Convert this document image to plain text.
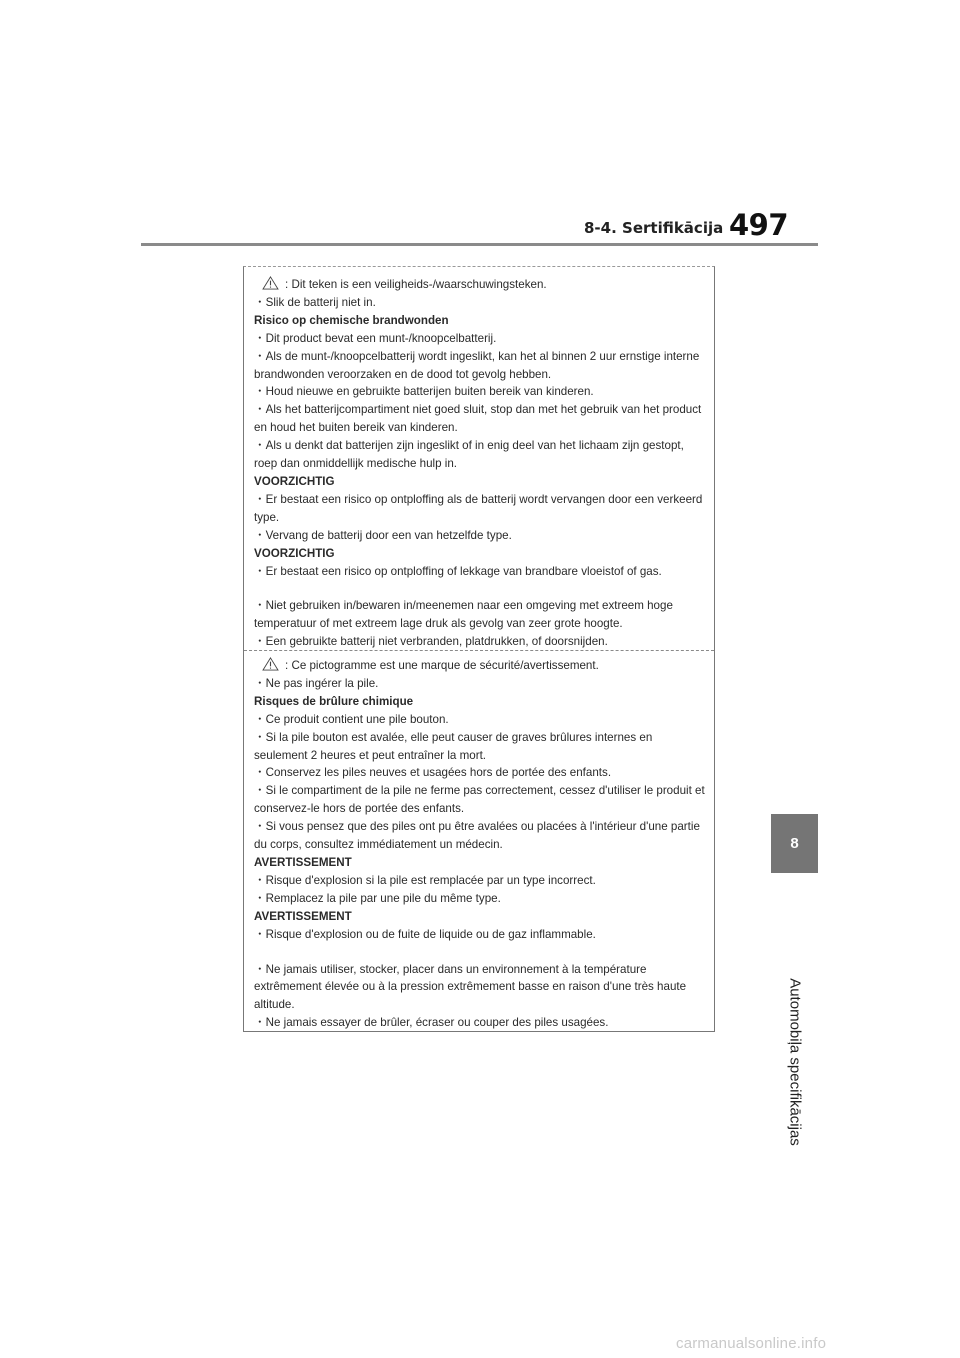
8-4. Sertifikācija 497
8
Automobiļa specifikācijas

: Dit teken is een veiligheids-/waarschuwingsteken.

・Slik de batterij niet in.

Risico op chemische brandwonden

・Dit product bevat een munt-/knoopcelbatterij.

・Als de munt-/knoopcelbatterij wordt ingeslikt, kan het al binnen 2 uur ernstige interne brandwonden veroorzaken en de dood tot gevolg hebben.

・Houd nieuwe en gebruikte batterijen buiten bereik van kinderen.

・Als het batterijcompartiment niet goed sluit, stop dan met het gebruik van het product en houd het buiten bereik van kinderen.

・Als u denkt dat batterijen zijn ingeslikt of in enig deel van het lichaam zijn gestopt, roep dan onmiddellijk medische hulp in.

VOORZICHTIG

・Er bestaat een risico op ontploffing als de batterij wordt vervangen door een verkeerd type.

・Vervang de batterij door een van hetzelfde type.

VOORZICHTIG

・Er bestaat een risico op ontploffing of lekkage van brandbare vloeistof of gas.

・Niet gebruiken in/bewaren in/meenemen naar een omgeving met extreem hoge temperatuur of met extreem lage druk als gevolg van zeer grote hoogte.

・Een gebruikte batterij niet verbranden, platdrukken, of doorsnijden.

: Ce pictogramme est une marque de sécurité/avertissement.

・Ne pas ingérer la pile.

Risques de brûlure chimique

・Ce produit contient une pile bouton.

・Si la pile bouton est avalée, elle peut causer de graves brûlures internes en seulement 2 heures et peut entraîner la mort.

・Conservez les piles neuves et usagées hors de portée des enfants.

・Si le compartiment de la pile ne ferme pas correctement, cessez d'utiliser le produit et conservez-le hors de portée des enfants.

・Si vous pensez que des piles ont pu être avalées ou placées à l'intérieur d'une partie du corps, consultez immédiatement un médecin.

AVERTISSEMENT

・Risque d'explosion si la pile est remplacée par un type incorrect.

・Remplacez la pile par une pile du même type.

AVERTISSEMENT

・Risque d'explosion ou de fuite de liquide ou de gaz inflammable.

・Ne jamais utiliser, stocker, placer dans un environnement à la température extrêmement élevée ou à la pression extrêmement basse en raison d'une très haute altitude.

・Ne jamais essayer de brûler, écraser ou couper des piles usagées.

carmanualsonline.info
